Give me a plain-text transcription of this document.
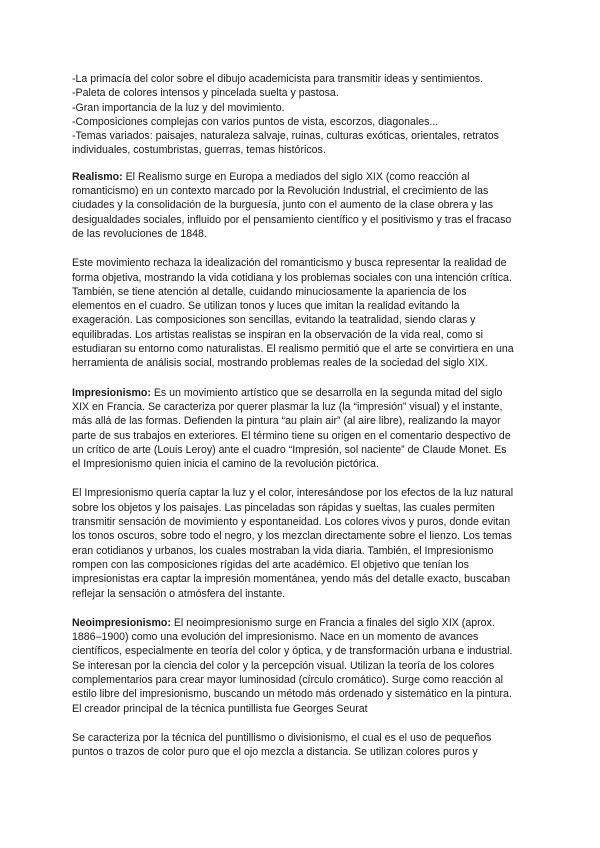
-La primacía del color sobre el dibujo academicista para transmitir ideas y sentimientos.

-Paleta de colores intensos y pincelada suelta y pastosa.

-Gran importancia de la luz y del movimiento.

-Composiciones complejas con varios puntos de vista, escorzos, diagonales...

-Temas variados: paisajes, naturaleza salvaje, ruinas, culturas exóticas, orientales, retratos individuales, costumbristas, guerras, temas históricos.

Realismo: El Realismo surge en Europa a mediados del siglo XIX (como reacción al romanticismo) en un contexto marcado por la Revolución Industrial, el crecimiento de las ciudades y la consolidación de la burguesía, junto con el aumento de la clase obrera y las desigualdades sociales, influido por el pensamiento científico y el positivismo y tras el fracaso de las revoluciones de 1848.

Este movimiento rechaza la idealización del romanticismo y busca representar la realidad de forma objetiva, mostrando la vida cotidiana y los problemas sociales con una intención crítica. También, se tiene atención al detalle, cuidando minuciosamente la apariencia de los elementos en el cuadro. Se utilizan tonos y luces que imitan la realidad evitando la exageración. Las composiciones son sencillas, evitando la teatralidad, siendo claras y equilibradas. Los artistas realistas se inspiran en la observación de la vida real, como si estudiaran su entorno como naturalistas. El realismo permitió que el arte se convirtiera en una herramienta de análisis social, mostrando problemas reales de la sociedad del siglo XIX.

Impresionismo: Es un movimiento artístico que se desarrolla en la segunda mitad del siglo XIX en Francia. Se caracteriza por querer plasmar la luz (la “impresión” visual) y el instante, más allá de las formas. Defienden la pintura “au plain air” (al aire libre), realizando la mayor parte de sus trabajos en exteriores. El término tiene su origen en el comentario despectivo de un crítico de arte (Louis Leroy) ante el cuadro “Impresión, sol naciente” de Claude Monet. Es el Impresionismo quien inicia el camino de la revolución pictórica.

El Impresionismo quería captar la luz y el color, interesándose por los efectos de la luz natural sobre los objetos y los paisajes. Las pinceladas son rápidas y sueltas, las cuales permiten transmitir sensación de movimiento y espontaneidad. Los colores vivos y puros, donde evitan los tonos oscuros, sobre todo el negro, y los mezclan directamente sobre el lienzo. Los temas eran cotidianos y urbanos, los cuales mostraban la vida diaria. También, el Impresionismo rompen con las composiciones rígidas del arte académico. El objetivo que tenían los impresionistas era captar la impresión momentánea, yendo más del detalle exacto, buscaban reflejar la sensación o atmósfera del instante.

Neoimpresionismo: El neoimpresionismo surge en Francia a finales del siglo XIX (aprox. 1886–1900) como una evolución del impresionismo. Nace en un momento de avances científicos, especialmente en teoría del color y óptica, y de transformación urbana e industrial. Se interesan por la ciencia del color y la percepción visual. Utilizan la teoría de los colores complementarios para crear mayor luminosidad (círculo cromático). Surge como reacción al estilo libre del impresionismo, buscando un método más ordenado y sistemático en la pintura. El creador principal de la técnica puntillista fue Georges Seurat

Se caracteriza por la técnica del puntillismo o divisionismo, el cual es el uso de pequeños puntos o trazos de color puro que el ojo mezcla a distancia. Se utilizan colores puros y
